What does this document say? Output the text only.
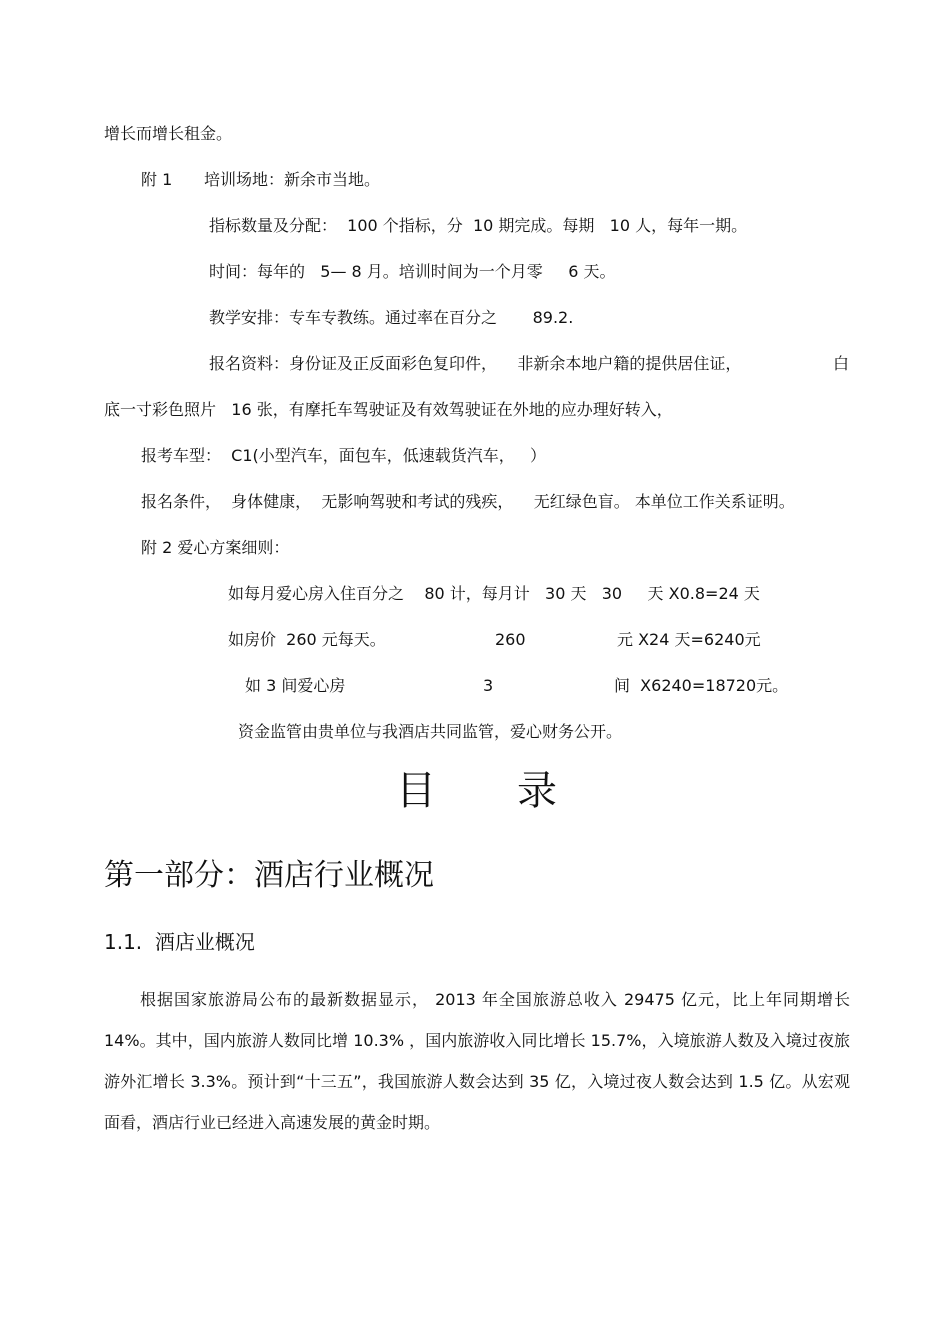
增长而增长租金。
附 1 培训场地：新余市当地。
指标数量及分配：  100 个指标，分  10 期完成。每期   10 人，每年一期。
时间：每年的   5— 8 月。培训时间为一个月零     6 天。
教学安排：专车专教练。通过率在百分之       89.2.
报名资料：身份证及正反面彩色复印件，    非新余本地户籍的提供居住证，	白
底一寸彩色照片   16 张，有摩托车驾驶证及有效驾驶证在外地的应办理好转入，
报考车型：  C1(小型汽车，面包车，低速载货汽车，   ）
报名条件，  身体健康，  无影响驾驶和考试的残疾，    无红绿色盲。 本单位工作关系证明。
附 2 爱心方案细则：
如每月爱心房入住百分之    80 计，每月计   30 天   30     天 X0.8=24 天
如房价  260 元每天。	260	元 X24 天=6240元
如 3 间爱心房	3	间  X6240=18720元。
资金监管由贵单位与我酒店共同监管，爱心财务公开。
目 录
第一部分：酒店行业概况
1.1.  酒店业概况
根据国家旅游局公布的最新数据显示， 2013 年全国旅游总收入 29475 亿元，比上年同期增长 14%。其中，国内旅游人数同比增 10.3% ，国内旅游收入同比增长 15.7%，入境旅游人数及入境过夜旅游外汇增长 3.3%。预计到“十三五”，我国旅游人数会达到 35 亿，入境过夜人数会达到 1.5 亿。从宏观面看，酒店行业已经进入高速发展的黄金时期。
